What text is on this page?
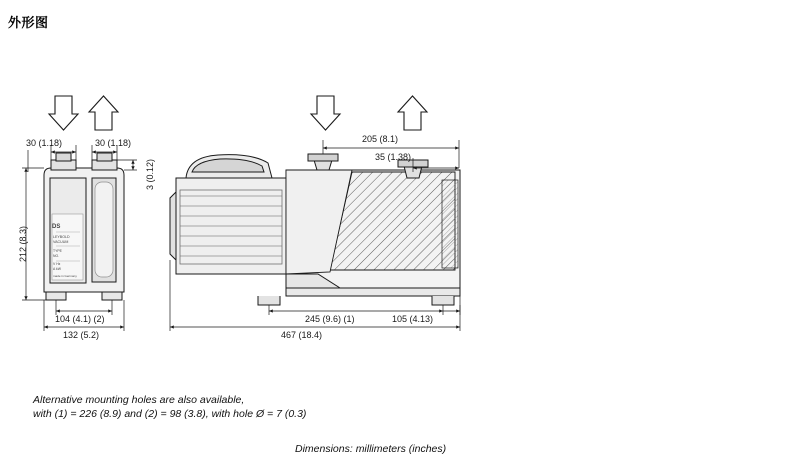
外形图
DS
LEYBOLD
VACUUM
TYPE
NO.
V Hz
A kW
made in Germany
30 (1.18)	30 (1.18)
3 (0.12)
212 (8.3)
104 (4.1) (2)
132 (5.2)
205 (8.1)
35 (1.38)
245 (9.6) (1)	105 (4.13)
467 (18.4)
Alternative mounting holes are also available,
with (1) = 226 (8.9) and (2) = 98 (3.8), with hole Ø = 7 (0.3)
Dimensions: millimeters (inches)
